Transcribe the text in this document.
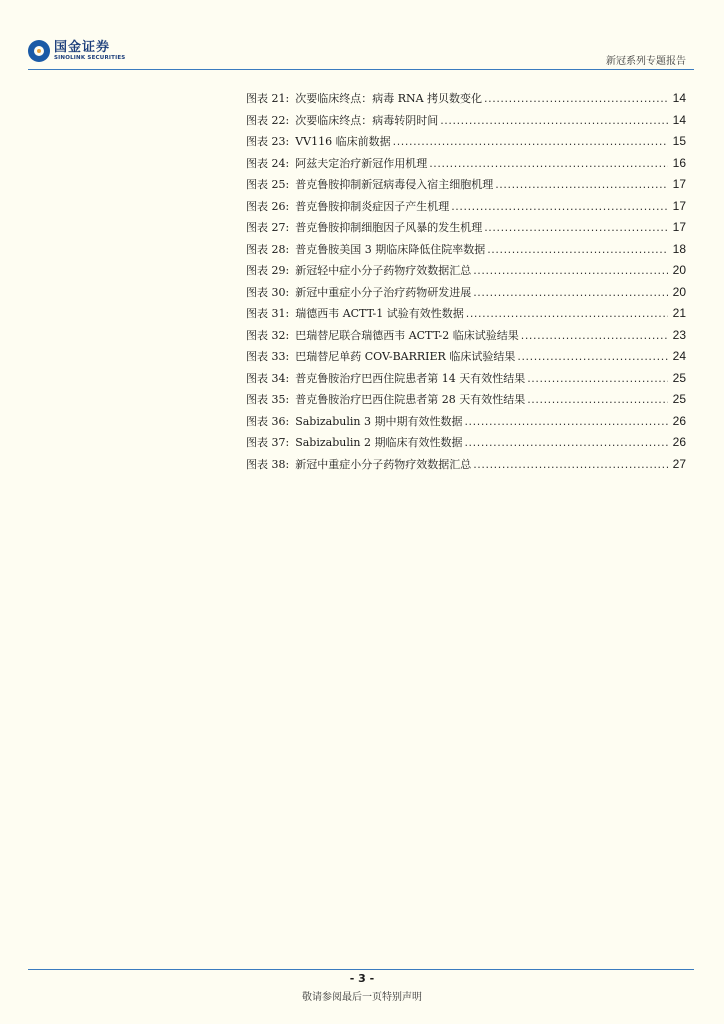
国金证券
SINOLINK SECURITIES	新冠系列专题报告
图表 21: 次要临床终点：病毒 RNA 拷贝数变化 .....	14
图表 22: 次要临床终点：病毒转阴时间 .....	14
图表 23: VV116 临床前数据 .....	15
图表 24: 阿兹夫定治疗新冠作用机理 .....	16
图表 25: 普克鲁胺抑制新冠病毒侵入宿主细胞机理 .....	17
图表 26: 普克鲁胺抑制炎症因子产生机理 .....	17
图表 27: 普克鲁胺抑制细胞因子风暴的发生机理 .....	17
图表 28: 普克鲁胺美国 3 期临床降低住院率数据 .....	18
图表 29: 新冠轻中症小分子药物疗效数据汇总 .....	20
图表 30: 新冠中重症小分子治疗药物研发进展 .....	20
图表 31: 瑞德西韦 ACTT-1 试验有效性数据 .....	21
图表 32: 巴瑞替尼联合瑞德西韦 ACTT-2 临床试验结果 .....	23
图表 33: 巴瑞替尼单药 COV-BARRIER 临床试验结果 .....	24
图表 34: 普克鲁胺治疗巴西住院患者第 14 天有效性结果 .....	25
图表 35: 普克鲁胺治疗巴西住院患者第 28 天有效性结果 .....	25
图表 36: Sabizabulin 3 期中期有效性数据 .....	26
图表 37: Sabizabulin 2 期临床有效性数据 .....	26
图表 38: 新冠中重症小分子药物疗效数据汇总 .....	27
- 3 -
敬请参阅最后一页特别声明
